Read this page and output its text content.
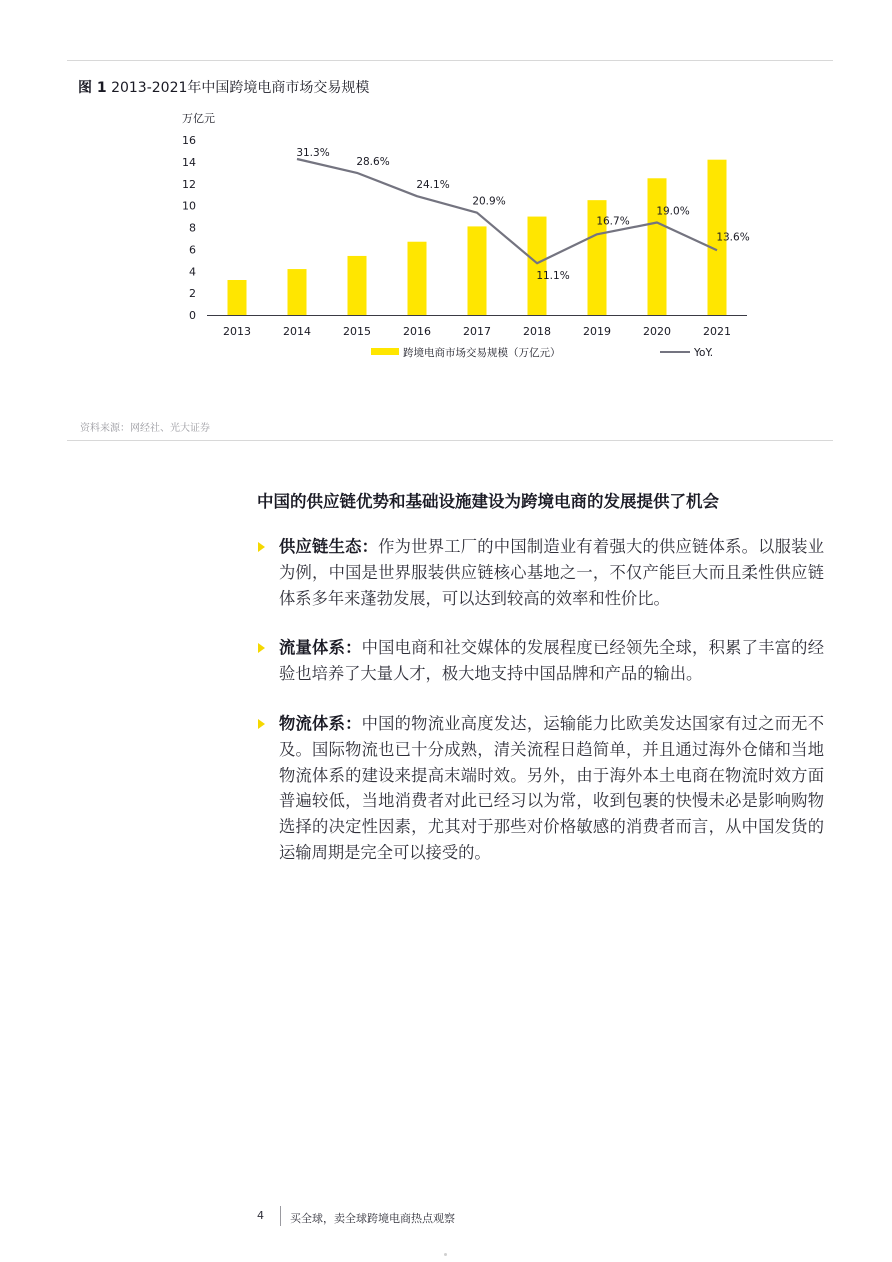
图 1 2013-2021年中国跨境电商市场交易规模
万亿元
0
2
4
6
8
10
12
14
16
2013	2014	2015	2016	2017	2018	2019	2020	2021
31.3%
28.6%
24.1%
20.9%
11.1%
16.7%
19.0%
13.6%
跨境电商市场交易规模（万亿元）	YoY.
资料来源：网经社、光大证券
中国的供应链优势和基础设施建设为跨境电商的发展提供了机会

供应链生态：作为世界工厂的中国制造业有着强大的供应链体系。以服装业为例，中国是世界服装供应链核心基地之一，不仅产能巨大而且柔性供应链体系多年来蓬勃发展，可以达到较高的效率和性价比。

流量体系：中国电商和社交媒体的发展程度已经领先全球，积累了丰富的经验也培养了大量人才，极大地支持中国品牌和产品的输出。

物流体系：中国的物流业高度发达，运输能力比欧美发达国家有过之而无不及。国际物流也已十分成熟，清关流程日趋简单，并且通过海外仓储和当地物流体系的建设来提高末端时效。另外，由于海外本土电商在物流时效方面普遍较低，当地消费者对此已经习以为常，收到包裹的快慢未必是影响购物选择的决定性因素，尤其对于那些对价格敏感的消费者而言，从中国发货的运输周期是完全可以接受的。

4 买全球，卖全球跨境电商热点观察
